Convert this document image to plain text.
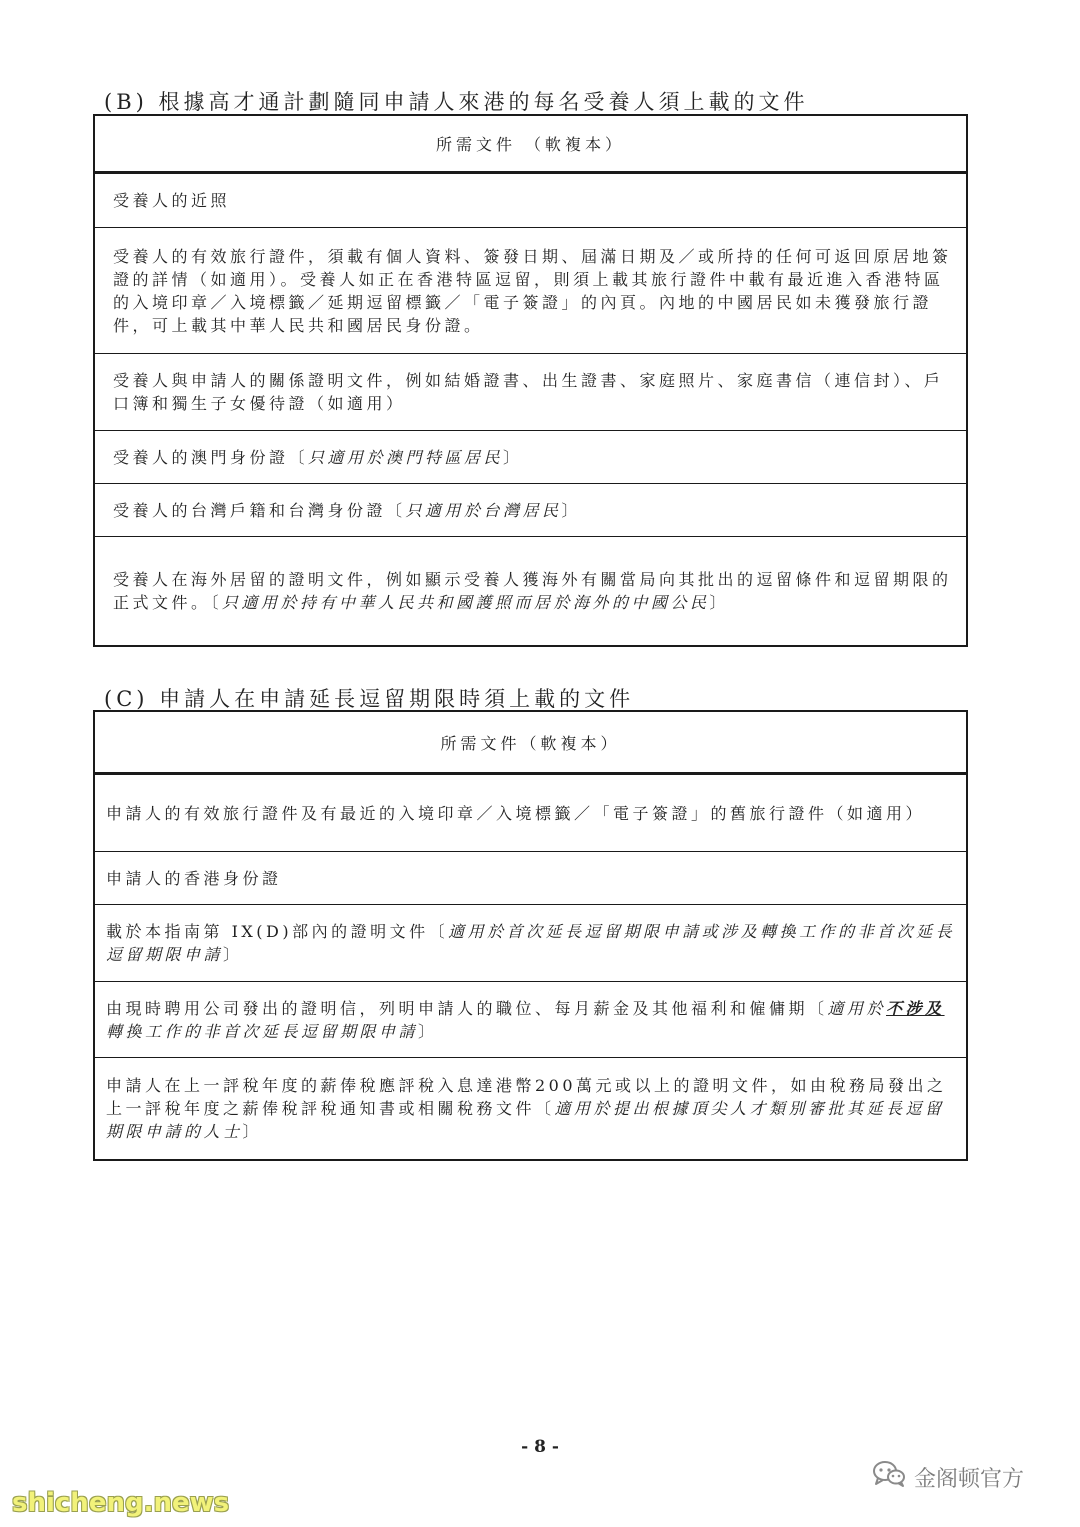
(B) 根據高才通計劃隨同申請人來港的每名受養人須上載的文件
所需文件 （軟複本）
受養人的近照
受養人的有效旅行證件，須載有個人資料、簽發日期、屆滿日期及／或所持的任何可返回原居地簽證的詳情（如適用）。受養人如正在香港特區逗留，則須上載其旅行證件中載有最近進入香港特區的入境印章／入境標籤／延期逗留標籤／「電子簽證」的內頁。內地的中國居民如未獲發旅行證件，可上載其中華人民共和國居民身份證。
受養人與申請人的關係證明文件，例如結婚證書、出生證書、家庭照片、家庭書信（連信封）、戶口簿和獨生子女優待證（如適用）
受養人的澳門身份證〔只適用於澳門特區居民〕
受養人的台灣戶籍和台灣身份證〔只適用於台灣居民〕
受養人在海外居留的證明文件，例如顯示受養人獲海外有關當局向其批出的逗留條件和逗留期限的正式文件。〔只適用於持有中華人民共和國護照而居於海外的中國公民〕
(C) 申請人在申請延長逗留期限時須上載的文件
所需文件（軟複本）
申請人的有效旅行證件及有最近的入境印章／入境標籤／「電子簽證」的舊旅行證件（如適用）
申請人的香港身份證
載於本指南第 IX(D)部內的證明文件〔適用於首次延長逗留期限申請或涉及轉換工作的非首次延長逗留期限申請〕
由現時聘用公司發出的證明信，列明申請人的職位、每月薪金及其他福利和僱傭期〔適用於不涉及轉換工作的非首次延長逗留期限申請〕
申請人在上一評稅年度的薪俸稅應評稅入息達港幣200萬元或以上的證明文件，如由稅務局發出之上一評稅年度之薪俸稅評稅通知書或相關稅務文件〔適用於提出根據頂尖人才類別審批其延長逗留期限申請的人士〕
- 8 -
金阁顿官方
shicheng.news
